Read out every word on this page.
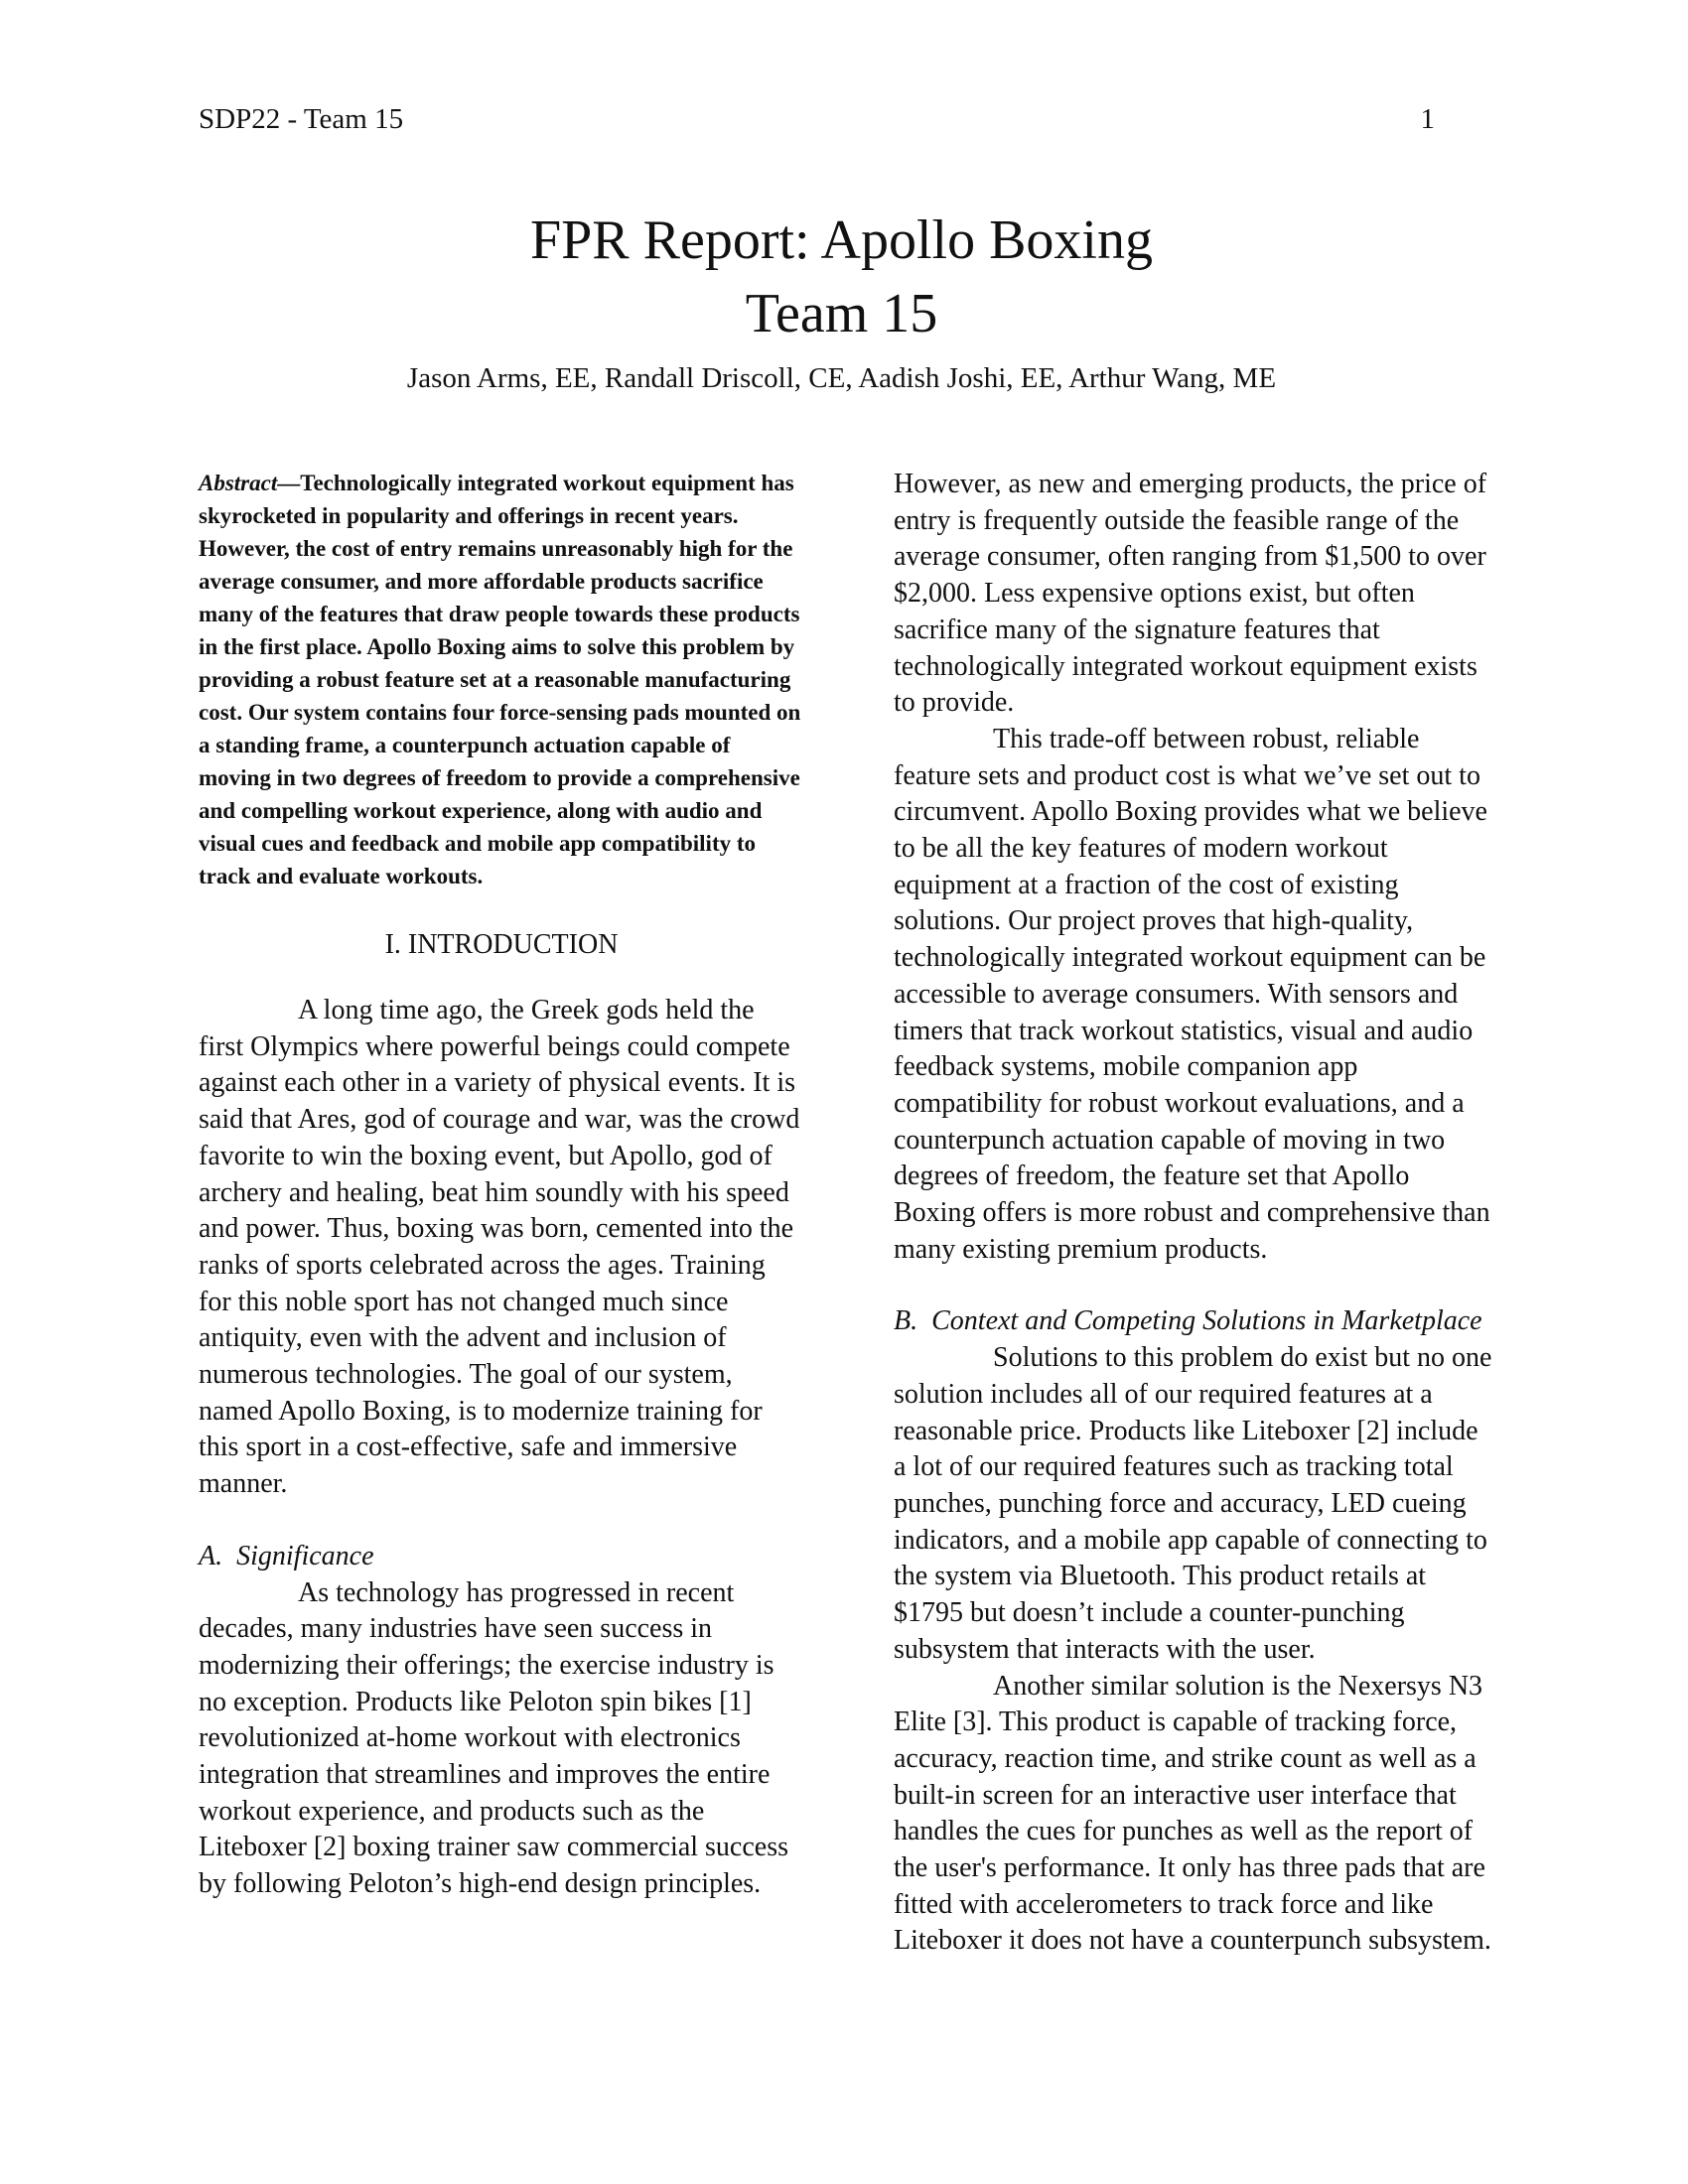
SDP22 - Team 15	1
FPR Report: Apollo Boxing
Team 15
Jason Arms, EE, Randall Driscoll, CE, Aadish Joshi, EE, Arthur Wang, ME

Abstract—Technologically integrated workout equipment has skyrocketed in popularity and offerings in recent years. However, the cost of entry remains unreasonably high for the average consumer, and more affordable products sacrifice many of the features that draw people towards these products in the first place. Apollo Boxing aims to solve this problem by providing a robust feature set at a reasonable manufacturing cost. Our system contains four force-sensing pads mounted on a standing frame, a counterpunch actuation capable of moving in two degrees of freedom to provide a comprehensive and compelling workout experience, along with audio and visual cues and feedback and mobile app compatibility to track and evaluate workouts.

I. INTRODUCTION

A long time ago, the Greek gods held the first Olympics where powerful beings could compete against each other in a variety of physical events. It is said that Ares, god of courage and war, was the crowd favorite to win the boxing event, but Apollo, god of archery and healing, beat him soundly with his speed and power. Thus, boxing was born, cemented into the ranks of sports celebrated across the ages. Training for this noble sport has not changed much since antiquity, even with the advent and inclusion of numerous technologies. The goal of our system, named Apollo Boxing, is to modernize training for this sport in a cost-effective, safe and immersive manner.

A. Significance

As technology has progressed in recent decades, many industries have seen success in modernizing their offerings; the exercise industry is no exception. Products like Peloton spin bikes [1] revolutionized at-home workout with electronics integration that streamlines and improves the entire workout experience, and products such as the Liteboxer [2] boxing trainer saw commercial success by following Peloton’s high-end design principles.

However, as new and emerging products, the price of entry is frequently outside the feasible range of the average consumer, often ranging from $1,500 to over $2,000. Less expensive options exist, but often sacrifice many of the signature features that technologically integrated workout equipment exists to provide.

This trade-off between robust, reliable feature sets and product cost is what we’ve set out to circumvent. Apollo Boxing provides what we believe to be all the key features of modern workout equipment at a fraction of the cost of existing solutions. Our project proves that high-quality, technologically integrated workout equipment can be accessible to average consumers. With sensors and timers that track workout statistics, visual and audio feedback systems, mobile companion app compatibility for robust workout evaluations, and a counterpunch actuation capable of moving in two degrees of freedom, the feature set that Apollo Boxing offers is more robust and comprehensive than many existing premium products.

B. Context and Competing Solutions in Marketplace

Solutions to this problem do exist but no one solution includes all of our required features at a reasonable price. Products like Liteboxer [2] include a lot of our required features such as tracking total punches, punching force and accuracy, LED cueing indicators, and a mobile app capable of connecting to the system via Bluetooth. This product retails at $1795 but doesn’t include a counter-punching subsystem that interacts with the user.

Another similar solution is the Nexersys N3 Elite [3]. This product is capable of tracking force, accuracy, reaction time, and strike count as well as a built-in screen for an interactive user interface that handles the cues for punches as well as the report of the user's performance. It only has three pads that are fitted with accelerometers to track force and like Liteboxer it does not have a counterpunch subsystem.
